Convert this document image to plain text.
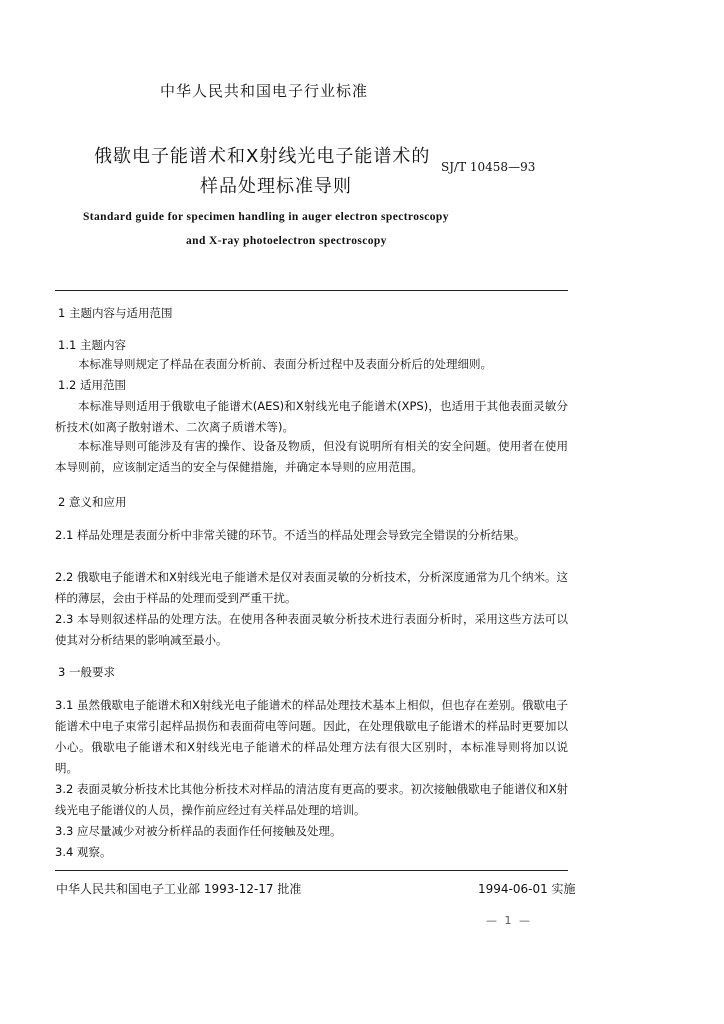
中华人民共和国电子行业标准
俄歇电子能谱术和X射线光电子能谱术的
样品处理标准导则
SJ/T 10458—93
Standard guide for specimen handling in auger electron spectroscopy
and X-ray photoelectron spectroscopy
1 主题内容与适用范围
1.1 主题内容
本标准导则规定了样品在表面分析前、表面分析过程中及表面分析后的处理细则。
1.2 适用范围
本标准导则适用于俄歇电子能谱术(AES)和X射线光电子能谱术(XPS)，也适用于其他表面灵敏分析技术(如离子散射谱术、二次离子质谱术等)。
本标准导则可能涉及有害的操作、设备及物质，但没有说明所有相关的安全问题。使用者在使用本导则前，应该制定适当的安全与保健措施，并确定本导则的应用范围。
2 意义和应用
2.1 样品处理是表面分析中非常关键的环节。不适当的样品处理会导致完全错误的分析结果。
2.2 俄歇电子能谱术和X射线光电子能谱术是仅对表面灵敏的分析技术，分析深度通常为几个纳米。这样的薄层，会由于样品的处理而受到严重干扰。
2.3 本导则叙述样品的处理方法。在使用各种表面灵敏分析技术进行表面分析时，采用这些方法可以使其对分析结果的影响减至最小。
3 一般要求
3.1 虽然俄歇电子能谱术和X射线光电子能谱术的样品处理技术基本上相似，但也存在差别。俄歇电子能谱术中电子束常引起样品损伤和表面荷电等问题。因此，在处理俄歇电子能谱术的样品时更要加以小心。俄歇电子能谱术和X射线光电子能谱术的样品处理方法有很大区别时，本标准导则将加以说明。
3.2 表面灵敏分析技术比其他分析技术对样品的清洁度有更高的要求。初次接触俄歇电子能谱仪和X射线光电子能谱仪的人员，操作前应经过有关样品处理的培训。
3.3 应尽量减少对被分析样品的表面作任何接触及处理。
3.4 观察。
中华人民共和国电子工业部 1993-12-17 批准	1994-06-01 实施
— 1 —
